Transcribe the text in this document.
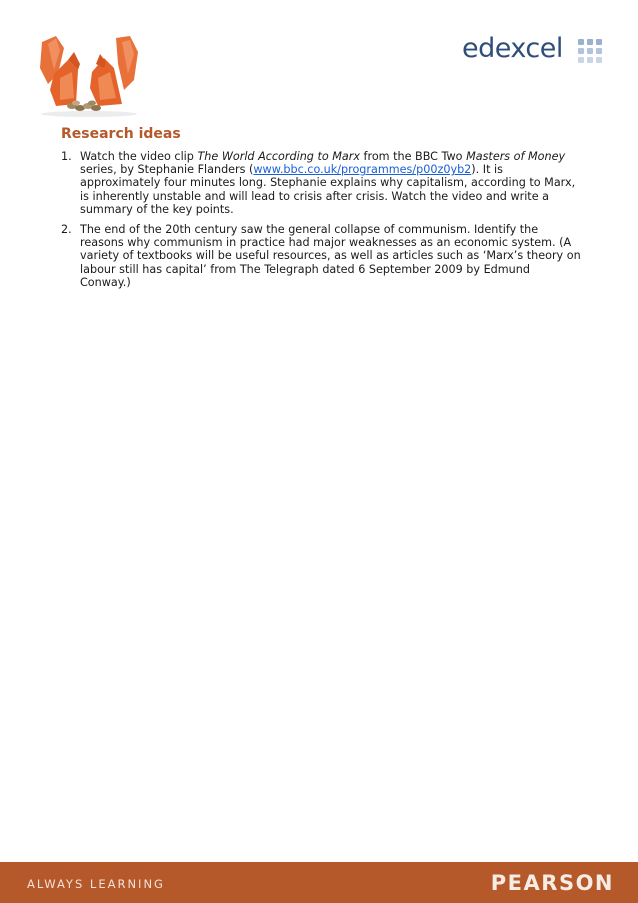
edexcel
Research ideas
1. Watch the video clip The World According to Marx from the BBC Two Masters of Money series, by Stephanie Flanders (www.bbc.co.uk/programmes/p00z0yb2). It is approximately four minutes long. Stephanie explains why capitalism, according to Marx, is inherently unstable and will lead to crisis after crisis. Watch the video and write a summary of the key points.
2. The end of the 20th century saw the general collapse of communism. Identify the reasons why communism in practice had major weaknesses as an economic system. (A variety of textbooks will be useful resources, as well as articles such as ‘Marx’s theory on labour still has capital’ from The Telegraph dated 6 September 2009 by Edmund Conway.)
ALWAYS LEARNING	PEARSON
